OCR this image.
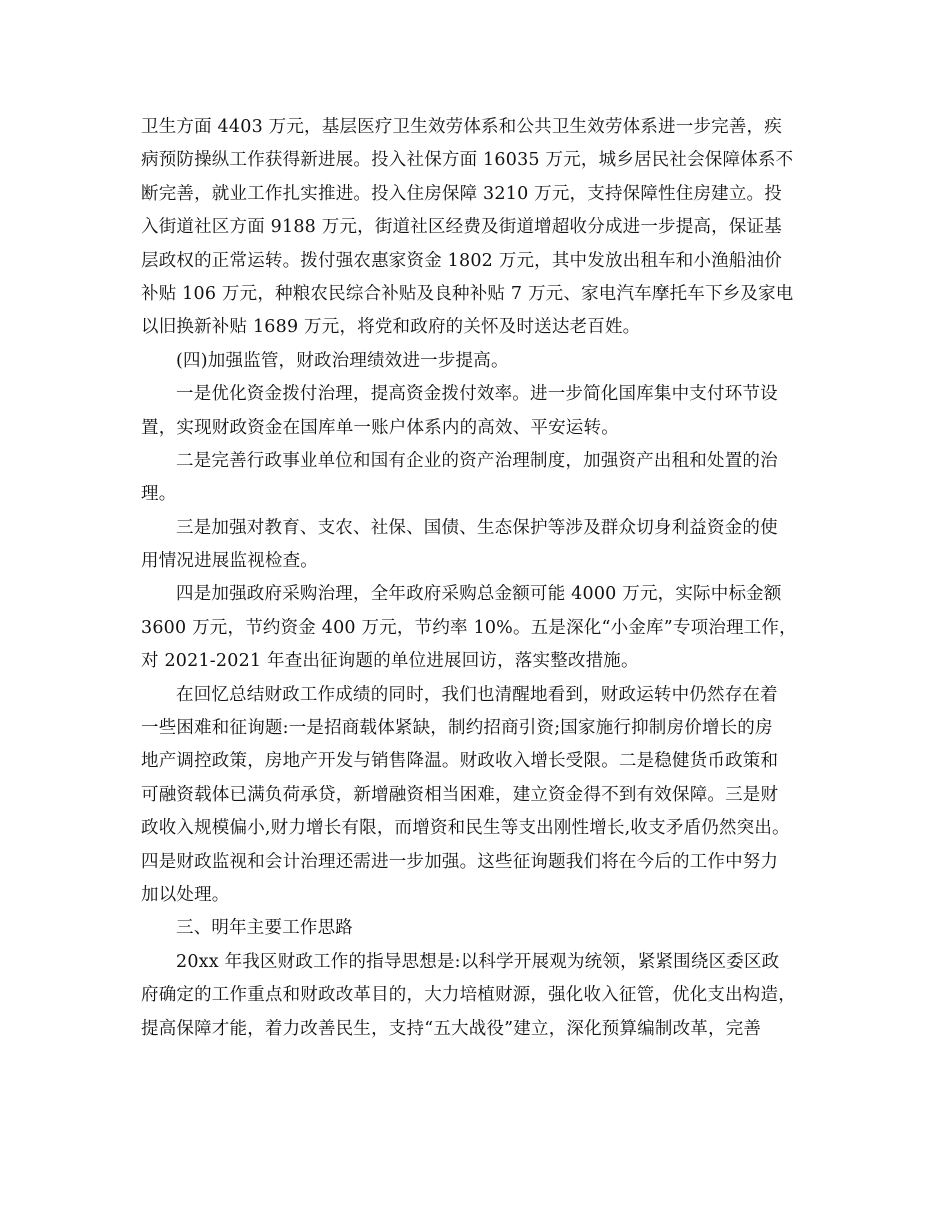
卫生方面 4403 万元，基层医疗卫生效劳体系和公共卫生效劳体系进一步完善，疾
病预防操纵工作获得新进展。投入社保方面 16035 万元，城乡居民社会保障体系不
断完善，就业工作扎实推进。投入住房保障 3210 万元，支持保障性住房建立。投
入街道社区方面 9188 万元，街道社区经费及街道增超收分成进一步提高，保证基
层政权的正常运转。拨付强农惠家资金 1802 万元，其中发放出租车和小渔船油价
补贴 106 万元，种粮农民综合补贴及良种补贴 7 万元、家电汽车摩托车下乡及家电
以旧换新补贴 1689 万元，将党和政府的关怀及时送达老百姓。
(四)加强监管，财政治理绩效进一步提高。
一是优化资金拨付治理，提高资金拨付效率。进一步简化国库集中支付环节设
置，实现财政资金在国库单一账户体系内的高效、平安运转。
二是完善行政事业单位和国有企业的资产治理制度，加强资产出租和处置的治
理。
三是加强对教育、支农、社保、国债、生态保护等涉及群众切身利益资金的使
用情况进展监视检查。
四是加强政府采购治理，全年政府采购总金额可能 4000 万元，实际中标金额
3600 万元，节约资金 400 万元，节约率 10%。五是深化“小金库”专项治理工作，
对 2021-2021 年查出征询题的单位进展回访，落实整改措施。
在回忆总结财政工作成绩的同时，我们也清醒地看到，财政运转中仍然存在着
一些困难和征询题:一是招商载体紧缺，制约招商引资;国家施行抑制房价增长的房
地产调控政策，房地产开发与销售降温。财政收入增长受限。二是稳健货币政策和
可融资载体已满负荷承贷，新增融资相当困难，建立资金得不到有效保障。三是财
政收入规模偏小,财力增长有限，而增资和民生等支出刚性增长,收支矛盾仍然突出。
四是财政监视和会计治理还需进一步加强。这些征询题我们将在今后的工作中努力
加以处理。
三、明年主要工作思路
20xx 年我区财政工作的指导思想是:以科学开展观为统领，紧紧围绕区委区政
府确定的工作重点和财政改革目的，大力培植财源，强化收入征管，优化支出构造，
提高保障才能，着力改善民生，支持“五大战役”建立，深化预算编制改革，完善
